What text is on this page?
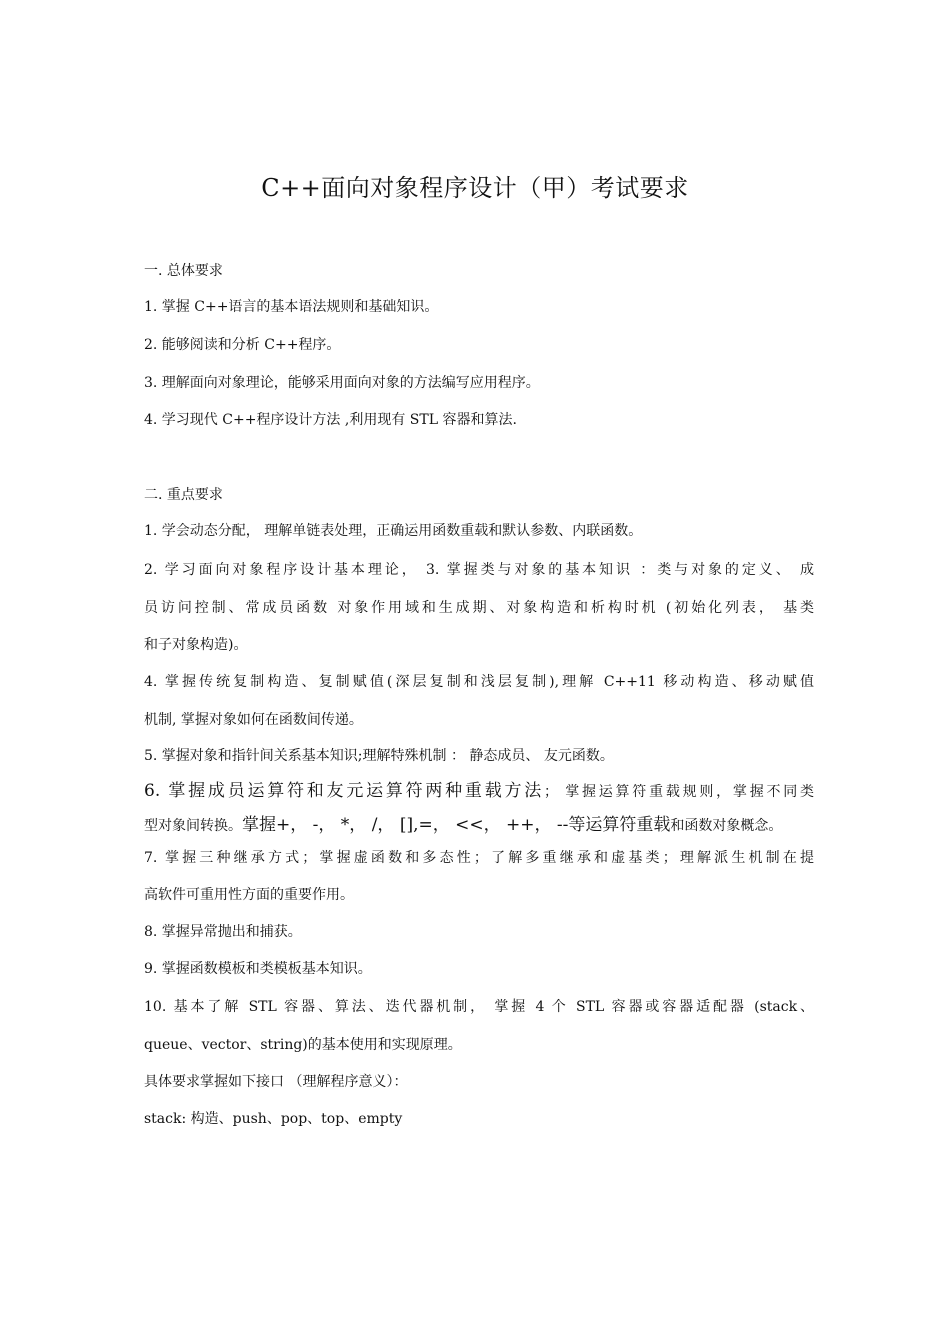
C++面向对象程序设计（甲）考试要求
一. 总体要求
1. 掌握 C++语言的基本语法规则和基础知识。
2. 能够阅读和分析 C++程序。
3. 理解面向对象理论，能够采用面向对象的方法编写应用程序。
4. 学习现代 C++程序设计方法 ,利用现有 STL 容器和算法.
二. 重点要求
1. 学会动态分配， 理解单链表处理，正确运用函数重载和默认参数、内联函数。
2. 学习面向对象程序设计基本理论， 3. 掌握类与对象的基本知识 ：类与对象的定义、 成
员访问控制、常成员函数 对象作用域和生成期、对象构造和析构时机 (初始化列表， 基类
和子对象构造)。
4. 掌握传统复制构造、复制赋值(深层复制和浅层复制),理解 C++11 移动构造、移动赋值
机制, 掌握对象如何在函数间传递。
5. 掌握对象和指针间关系基本知识;理解特殊机制 ： 静态成员、 友元函数。
6. 掌握成员运算符和友元运算符两种重载方法； 掌握运算符重载规则，掌握不同类
型对象间转换。掌握+， -， *， /， [],=， <<， ++， --等运算符重载和函数对象概念。
7. 掌握三种继承方式；掌握虚函数和多态性；了解多重继承和虚基类；理解派生机制在提
高软件可重用性方面的重要作用。
8. 掌握异常抛出和捕获。
9. 掌握函数模板和类模板基本知识。
10. 基本了解 STL 容器、算法、迭代器机制， 掌握 4 个 STL 容器或容器适配器 (stack、
queue、vector、string)的基本使用和实现原理。
具体要求掌握如下接口 （理解程序意义）：
stack: 构造、push、pop、top、empty
